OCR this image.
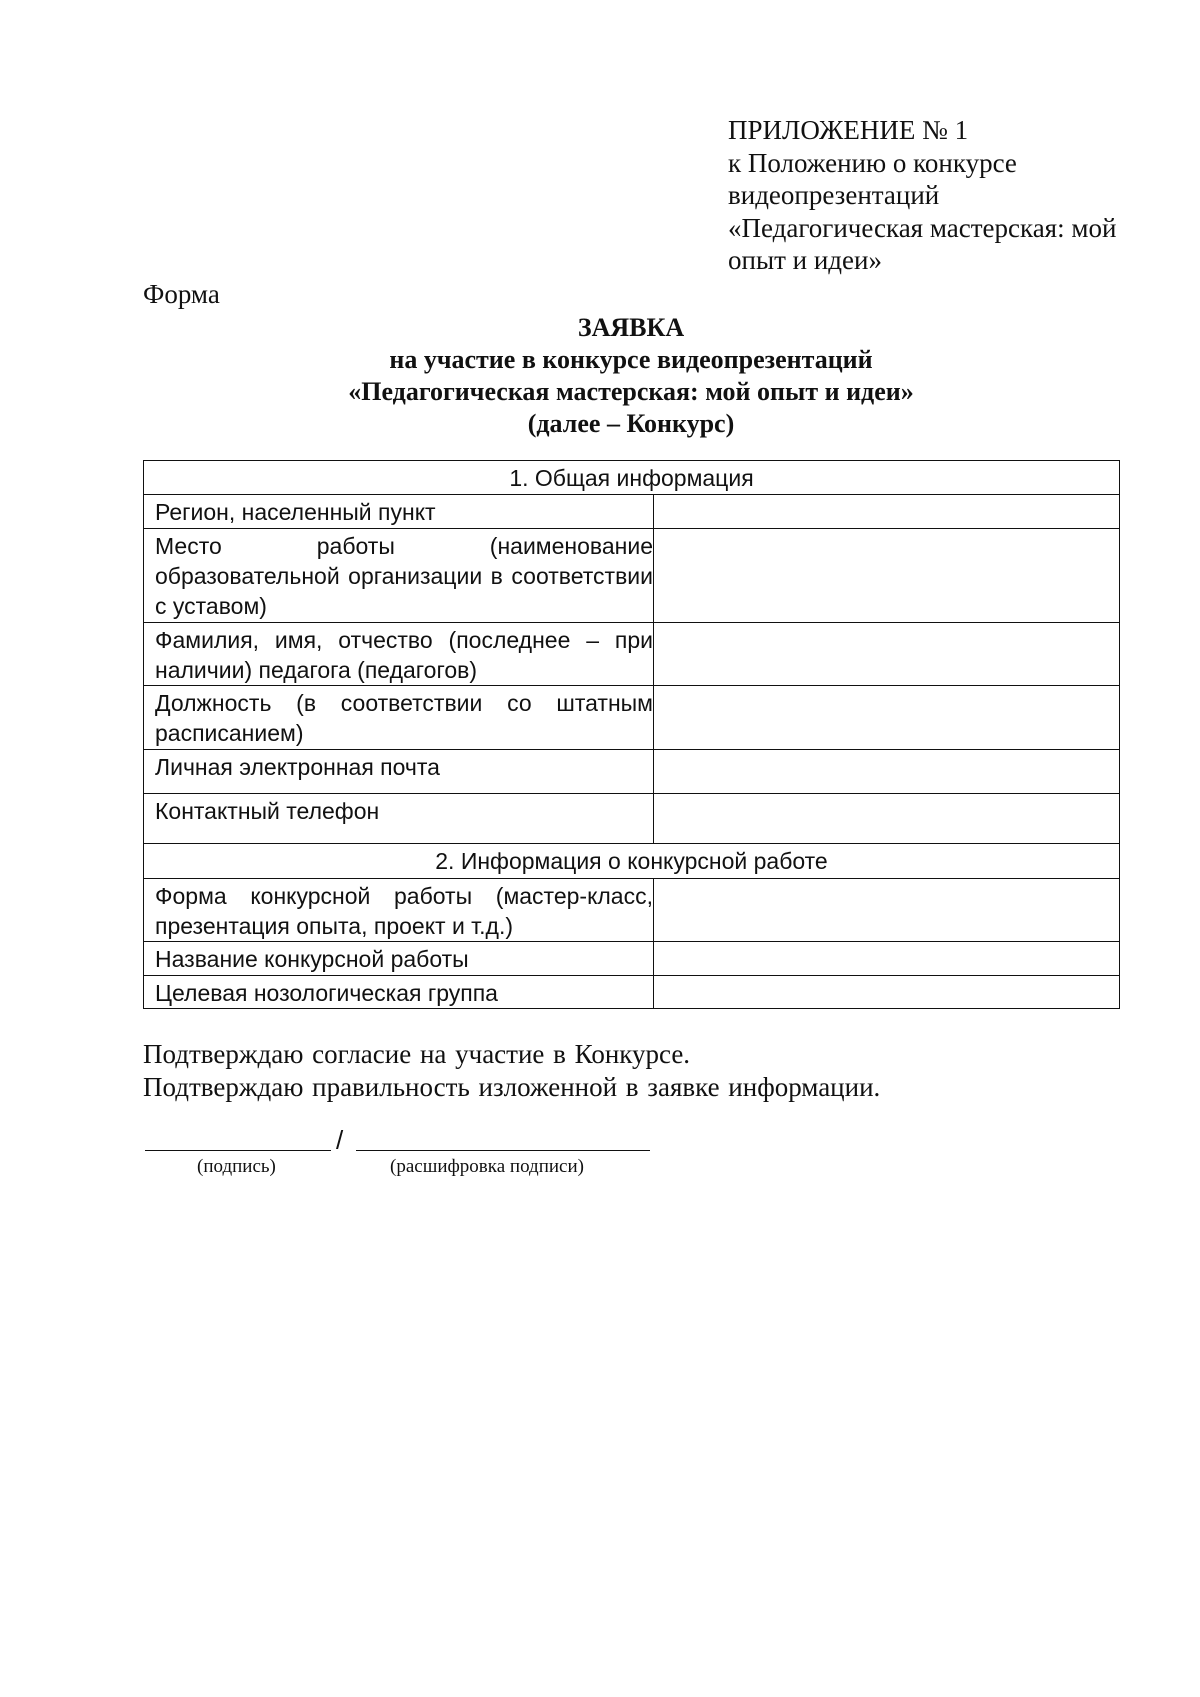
ПРИЛОЖЕНИЕ № 1
к Положению о конкурсе
видеопрезентаций
«Педагогическая мастерская: мой
опыт и идеи»
Форма
ЗАЯВКА
на участие в конкурсе видеопрезентаций
«Педагогическая мастерская: мой опыт и идеи»
(далее – Конкурс)
1. Общая информация	
Регион, населенный пункт	
Место работы (наименование образовательной организации в соответствии с уставом)	
Фамилия, имя, отчество (последнее – при наличии) педагога (педагогов)	
Должность (в соответствии со штатным расписанием)	
Личная электронная почта	
Контактный телефон	
2. Информация о конкурсной работе	
Форма конкурсной работы (мастер-класс, презентация опыта, проект и т.д.)	
Название конкурсной работы	
Целевая нозологическая группа	
Подтверждаю согласие на участие в Конкурсе.
Подтверждаю правильность изложенной в заявке информации.
/
(подпись)	(расшифровка подписи)
